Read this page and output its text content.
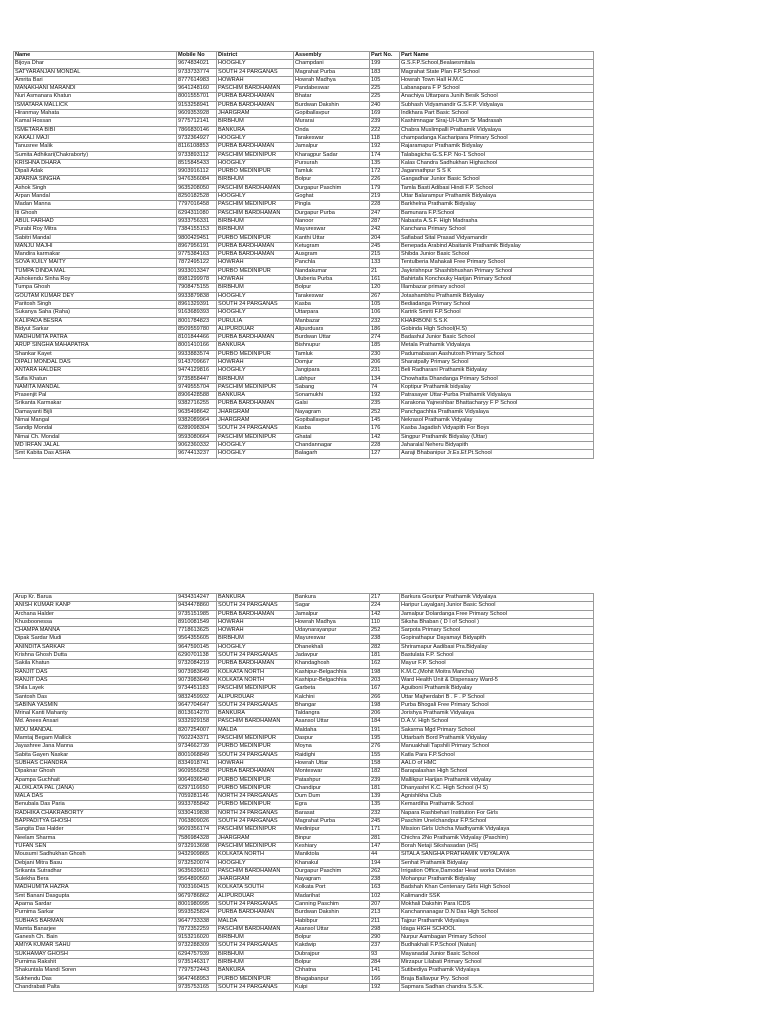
Name	Mobile No	District	Assembly	Part No.	Part Name
Bijoya Dhar	9674834021	HOOGHLY	Champdani	199	G.S.F.P.School,Bealaesmitala
SATYARANJAN MONDAL	9733733774	SOUTH 24 PARGANAS	Magrahat Purba	183	Magrahat State Plan F.P.School
Amrita Bari	8777614983	HOWRAH	Howrah Madhya	105	Howrah Town Hall H.M.C
MANAKHANI MARANDI	9641248160	PASCHIM BARDHAMAN	Pandabeswar	225	Labanapara F P School
Nuri Asmanara Khatun	8001555701	PURBA BARDHAMAN	Bhatar	225	Anachiya Uttarpara Junih Besik School
ISMATARA MALLICK	9153258941	PURBA BARDHAMAN	Burdwan Dakshin	240	Subhash Vidyamandir G.S.F.P. Vidyalaya
Hiranmay Mahata	9609353928	JHARGRAM	Gopiballavpur	169	Indkhara Part Basic School
Kamal Hossan	9775712141	BIRBHUM	Murarai	239	Kashimnagar Siraj-Ul-Ulum Sr Madrasah
ISMETARA BIBI	7866830146	BANKURA	Onda	222	Chabra Muslimpalli Prathamik Vidyalaya
KAKALI MAJI	9732364927	HOOGHLY	Tarakeswar	118	champadanga Kacharipara Primary School
Tanusree Malik	8116108853	PURBA BARDHAMAN	Jamalpur	192	Rajaramapur Prathamik Bidyalay
Sumita Adhikari(Chakraborty)	9733893112	PASCHIM MEDINIPUR	Kharagpur Sadar	174	Talabagicha G.S.F.P. No-1 School
KRISHNA DHARA	8515845433	HOOGHLY	Pursurah	135	Kalas Chandra Sadhukhan Highschool
Dipali Adak	9903916112	PURBO MEDINIPUR	Tamluk	172	Jagannathpur S S K
APARNA SINGHA	9476356084	BIRBHUM	Bolpur	226	Gangadhar Junior Basic School
Ashok Singh	9635208050	PASCHIM BARDHAMAN	Durgapur Paschim	179	Tamla Basti Adibasi Hindi F.P. School
Arpan Mandal	8250182528	HOOGHLY	Goghat	219	Uttar Balarampur Prathamik Bidyalaya
Madan Manna	7797016458	PASCHIM MEDINIPUR	Pingla	228	Barkhelna Prathamik Bidyalay
Iti Ghosh	6294311080	PASCHIM BARDHAMAN	Durgapur Purba	247	Bamunara F.P.School
ABUL FARHAD	9933756331	BIRBHUM	Nanoor	287	Nabasta A.S.F. High Madrasha
Purabi Roy Mitra	7384155153	BIRBHUM	Mayureswar	242	Kanchana Primary School
Sabitri Mandal	9800429451	PURBO MEDINIPUR	Kanthi Uttar	204	Safiabad Sital Prasad Vidyamandir
MANJU MAJHI	8967956191	PURBA BARDHAMAN	Ketugram	245	Benepada Arabind Abaitanik Prathamik Bidyalay
Mandira karmakar	9775384163	PURBA BARDHAMAN	Ausgram	215	Shibda Junior Basic School
SOVA KUILY MAITY	7872495122	HOWRAH	Panchla	133	Tentulberia Mahakali Free Primary School
TUMPA DINDA MAL	9933013347	PURBO MEDINIPUR	Nandakumar	21	Jaykrishnpur Shashibhushan Primary School
Ashokendu Sinha Roy	8981299978	HOWRAH	Uluberia Purba	161	Bahirtafa Konchouky Harijan Primary School
Tumpa Ghosh	7908475155	BIRBHUM	Bolpur	120	Illambazar primary school
GOUTAM KUMAR DEY	9933879838	HOOGHLY	Tarakeswar	267	Jotashambhu Prathamik Bidyalay
Paritosh Singh	8961329391	SOUTH 24 PARGANAS	Kasba	105	Bediadanga Primary School
Sukanya Saha (Raha)	9163689393	HOOGHLY	Uttarpara	106	Kartrik Smriti F.P.School
KALIPADA BESRA	8001784823	PURULIA	Manbazar	232	KHAIRBONI S.S.K
Bidyut Sarkar	8509559780	ALIPURDUAR	Alipurduars	186	Gobinda High School(H.S)
MADHUMITA PATRA	8101844466	PURBA BARDHAMAN	Burdwan Uttar	274	Badashul Junior Basic School
ARUP SINGHA MAHAPATRA	8001410166	BANKURA	Bishnupur	185	Metala Prathamik Vidyalaya
Shankar Kayet	9933883574	PURBO MEDINIPUR	Tamluk	230	Padumabasan Aashutosh Primary School
DIPALI MONDAL DAS	9143709667	HOWRAH	Domjur	206	Sharatpally Primary School
ANTARA HALDER	9474129816	HOOGHLY	Jangipara	231	Beli Radharani Prathamik Bidyalay
Sufia Khatun	9735858447	BIRBHUM	Labhpur	134	Chowhatta Dhandanga Primary School
NAMITA MANDAL	9749555704	PASCHIM MEDINIPUR	Sabang	74	Koptipur Prathamik bidyalay
Prasenjit Pal	8906428588	BANKURA	Sonamukhi	192	Patrasayer Uttar-Purba Prathamik Vidyalaya
Srikanta Karmakar	9382716255	PURBA BARDHAMAN	Galsi	235	Karakona Yajneshbar Bhattacharyy F P School
Damayanti Bijli	9635498642	JHARGRAM	Nayagram	252	Panchgachhia Prathamik Vidyalaya
Nimai Mangal	9382089964	JHARGRAM	Gopiballavpur	145	Nekrasol Prathamik Vidyalay
Sandip Mondal	6289098304	SOUTH 24 PARGANAS	Kasba	176	Kasba Jagadish Vidyapith For Boys
Nimai Ch. Mondal	9593080664	PASCHIM MEDINIPUR	Ghatal	142	Singpur Prathamik Bidyalay (Uttar)
MD IRFAN JALAL	9062360332	HOOGHLY	Chandannagar	228	Jaharalal Neheru Bidyapith
Smt Kabita Das ASHA	9674413237	HOOGHLY	Balagarh	127	Aaraji Bhabanipur Jr.Es.Ef.Pt.School
Arup Kr. Barua	9434314247	BANKURA	Bankura	217	Barkura Gouripur Prathamik Vidyalaya
ANISH KUMAR KANP	9434478860	SOUTH 24 PARGANAS	Sagar	224	Haripur Layalganj Junior Basic School
Archana Halder	9735151985	PURBA BARDHAMAN	Jamalpur	142	Jamalpur Dolardanga Free Primary School
Khusboonessa	8910081549	HOWRAH	Howrah Madhya	110	Siksha Bhaban ( D I of School )
CHAMPA MANNA	7718613625	HOWRAH	Udaynarayanpur	252	Sarpota Primary School
Dipak Sardar Mudi	9564355605	BIRBHUM	Mayureswar	238	Gopinathapur Dayamayi Bidyapith
ANINDITA SARKAR	9647590145	HOOGHLY	Dhanekhali	282	Shriramapur Aadibasi Pra.Bidyalay
Krishna Ghosh Dutta	6290701138	SOUTH 24 PARGANAS	Jadavpur	181	Bastulata F.P. School
Sakila Khatun	9732084219	PURBA BARDHAMAN	Khandaghosh	162	Mayur F.P. School
RANJIT DAS	9073983649	KOLKATA NORTH	Kashipur-Belgachhia	198	K.M.C.(Mohit Moitra Mancha)
RANJIT DAS	9073983649	KOLKATA NORTH	Kashipur-Belgachhia	203	Ward Health Unit & Dispensary Ward-5
Shila Layek	9734451183	PASCHIM MEDINIPUR	Garbeta	167	Aguiboni Prathamik Bidyalay
Santosh Das	9832459932	ALIPURDUAR	Kalchini	266	Uttar Majherdabri B . F . P School
SABINA YASMIN	9647704647	SOUTH 24 PARGANAS	Bhangar	198	Purba Bhogali Free Primary School
Mrinal Kanti Mahanty	8013614270	BANKURA	Taldangra	206	Jorishya Prathamik Vidyalaya
Md. Anees Ansari	9332929158	PASCHIM BARDHAMAN	Asansol Uttar	184	D.A.V. High School
MOU MANDAL	8207254007	MALDA	Maldaha	191	Saksrma Mgd Primary School
Mamtaj Begam Mallick	7602243371	PASCHIM MEDINIPUR	Daspur	195	Uttarbarh Bord Prathamik Vidyalay
Jayashree Jana Manna	9734662739	PURBO MEDINIPUR	Moyna	276	Manuakhali Tapshili Primary School
Sabita Gayen Naskar	8001068849	SOUTH 24 PARGANAS	Raidighi	155	Katla Para F.P.School
SUBHAS CHANDRA	8334918741	HOWRAH	Howrah Uttar	158	AALO of HMC
Dipaknar Ghosh	9609556258	PURBA BARDHAMAN	Monteswar	182	Barapalashan High School
Apampa Guchhait	9064936540	PURBO MEDINIPUR	Patashpur	239	Mallikpur Harijan Prathamik vidyalay
ALOKLATA PAL (JANA)	6297116650	PURBO MEDINIPUR	Chandipur	181	Dhanyashri K.C. High School (H S)
MALA DAS	7059281146	NORTH 24 PARGANAS	Dum Dum	139	Agnishikha Club
Benubala Das Paria	9933785842	PURBO MEDINIPUR	Egra	135	Kemardiha Prathamik School
RADHIKA CHAKRABORTY	9330419838	NORTH 24 PARGANAS	Barasat	232	Napara Rashbehari Institution For Girls
BAPPADITYA GHOSH	7063809026	SOUTH 24 PARGANAS	Magrahat Purba	245	Paschim Unelchandpur F.P.School
Sangita Das Halder	9609356174	PASCHIM MEDINIPUR	Medinipur	171	Mission Girls Uchcha Madhyamik Vidyalaya
Neelam Sharma	7586984328	JHARGRAM	Binpur	281	Chichra 2No Prathamik Vidyalay (Paschim)
TUFAN SEN	9732913698	PASCHIM MEDINIPUR	Keshiary	147	Borah Netaji Sikshasadan (HS)
Mousumi Sadhukhan Ghosh	9432909865	KOLKATA NORTH	Maniktola	44	SITALA SANGHA PRATHAMIK VIDYALAYA
Debjani Mitra Basu	9732520074	HOOGHLY	Khanakul	194	Senhat Prathamik Bidyalay
Srikanta Sutradhar	9635639610	PASCHIM BARDHAMAN	Durgapur Paschim	262	Irrigation Office,Damodar Head works Division
Sulekha Bera	9564890560	JHARGRAM	Nayagram	238	Mohanpur Prathamik Bidyalay
MADHUMITA HAZRA	7003160415	KOLKATA SOUTH	Kolkata Port	163	Badshah Khan Centenary Girls High School
Smt Banani Dasgupta	9679786862	ALIPURDUAR	Madarihat	102	Kalimandir SSK
Aparna Sardar	8001980995	SOUTH 24 PARGANAS	Canning Paschim	207	Mokhali Dakshin Para ICDS
Purnima Sarkar	9593525824	PURBA BARDHAMAN	Burdwan Dakshin	213	Kanchannanagar D.N Das High School
SUBHAS BARMAN	9647733338	MALDA	Habibpur	211	Tajpur Prathamik Vidyalaya
Mamta Banarjee	7872352259	PASCHIM BARDHAMAN	Asansol Uttar	298	Idaga HIGH SCHOOL
Ganesh Ch. Bain	9153216020	BIRBHUM	Bolpur	290	Nurpur Aambagan Primary School
AMIYA KUMAR SAHU	9732288309	SOUTH 24 PARGANAS	Kakdwip	237	Budhakhali F.P.School (Natun)
SUKHAMAY GHOSH	6294757939	BIRBHUM	Dubrajpur	93	Mayanadal Junior Basic School
Purnima Rakshit	9735146317	BIRBHUM	Bolpur	284	Mirzapur Lilabati Primary School
Shakuntala Mandi Soren	7797572443	BANKURA	Chhatna	141	Sutibediya Prathamik Vidyalaya
Sukhendu Das	9647468953	PURBO MEDINIPUR	Bhagabanpur	166	Braja Ballavpur Pry. School
Chandrabati Palta	9735753165	SOUTH 24 PARGANAS	Kulpi	192	Sapmara Sadhan chandra S.S.K.
